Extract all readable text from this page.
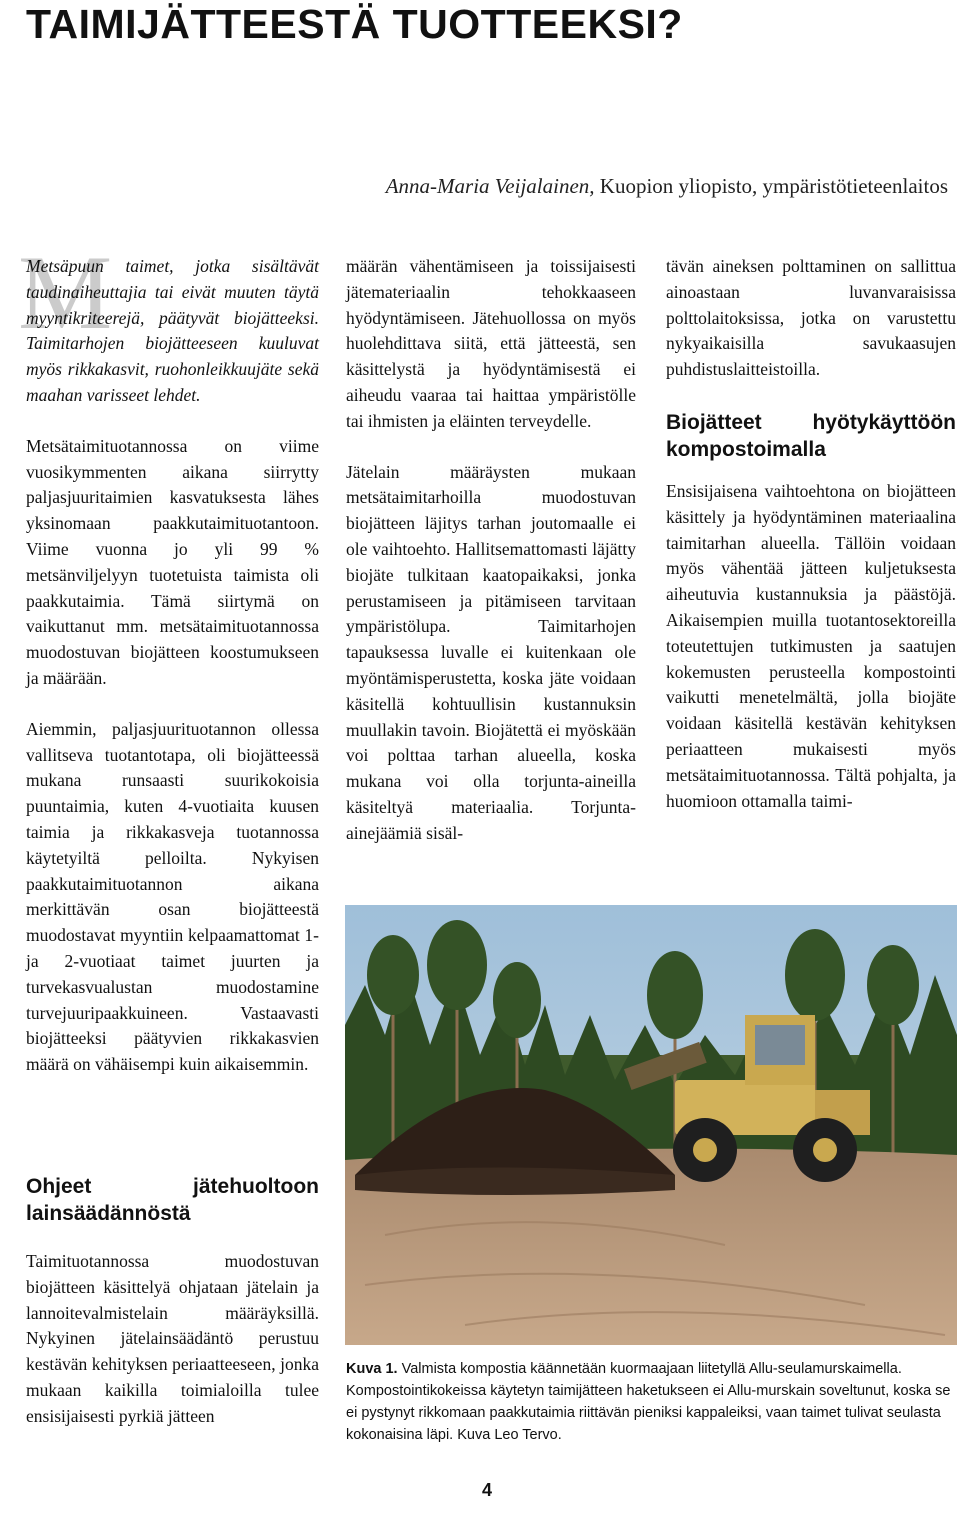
TAIMIJÄTTEESTÄ TUOTTEEKSI?
Anna-Maria Veijalainen, Kuopion yliopisto, ympäristötieteenlaitos

M
Metsäpuun taimet, jotka sisältävät taudinaiheuttajia tai eivät muuten täytä myyntikriteerejä, päätyvät biojätteeksi. Taimitarhojen biojätteeseen kuuluvat myös rikkakasvit, ruohonleikkuujäte sekä maahan varisseet lehdet.

Metsätaimituotannossa on viime vuosikymmenten aikana siirrytty paljasjuuritaimien kasvatuksesta lähes yksinomaan paakkutaimituotantoon. Viime vuonna jo yli 99 % metsänviljelyyn tuotetuista taimista oli paakkutaimia. Tämä siirtymä on vaikuttanut mm. metsätaimituotannossa muodostuvan biojätteen koostumukseen ja määrään.

Aiemmin, paljasjuurituotannon ollessa vallitseva tuotantotapa, oli biojätteessä mukana runsaasti suurikokoisia puuntaimia, kuten 4-vuotiaita kuusen taimia ja rikkakasveja tuotannossa käytetyiltä pelloilta. Nykyisen paakkutaimituotannon aikana merkittävän osan biojätteestä muodostavat myyntiin kelpaamattomat 1- ja 2-vuotiaat taimet juurten ja turvekasvualustan muodostamine turvejuuripaakkuineen. Vastaavasti biojätteeksi päätyvien rikkakasvien määrä on vähäisempi kuin aikaisemmin.

Ohjeet jätehuoltoon lainsäädännöstä

Taimituotannossa muodostuvan biojätteen käsittelyä ohjataan jätelain ja lannoitevalmistelain määräyksillä. Nykyinen jätelainsäädäntö perustuu kestävän kehityksen periaatteeseen, jonka mukaan kaikilla toimialoilla tulee ensisijaisesti pyrkiä jätteen

määrän vähentämiseen ja toissijaisesti jätemateriaalin tehokkaaseen hyödyntämiseen. Jätehuollossa on myös huolehdittava siitä, että jätteestä, sen käsittelystä ja hyödyntämisestä ei aiheudu vaaraa tai haittaa ympäristölle tai ihmisten ja eläinten terveydelle.

Jätelain määräysten mukaan metsätaimitarhoilla muodostuvan biojätteen läjitys tarhan joutomaalle ei ole vaihtoehto. Hallitsemattomasti läjätty biojäte tulkitaan kaatopaikaksi, jonka perustamiseen ja pitämiseen tarvitaan ympäristölupa. Taimitarhojen tapauksessa luvalle ei kuitenkaan ole myöntämisperustetta, koska jäte voidaan käsitellä kohtuullisin kustannuksin muullakin tavoin. Biojätettä ei myöskään voi polttaa tarhan alueella, koska mukana voi olla torjunta-aineilla käsiteltyä materiaalia. Torjunta-ainejäämiä sisäl-

tävän aineksen polttaminen on sallittua ainoastaan luvanvaraisissa polttolaitoksissa, jotka on varustettu nykyaikaisilla savukaasujen puhdistuslaitteistoilla.

Biojätteet hyötykäyttöön kompostoimalla

Ensisijaisena vaihtoehtona on biojätteen käsittely ja hyödyntäminen materiaalina taimitarhan alueella. Tällöin voidaan myös vähentää jätteen kuljetuksesta aiheutuvia kustannuksia ja päästöjä. Aikaisempien muilla tuotantosektoreilla toteutettujen tutkimusten ja saatujen kokemusten perusteella kompostointi vaikutti menetelmältä, jolla biojäte voidaan käsitellä kestävän kehityksen periaatteen mukaisesti myös metsätaimituotannossa. Tältä pohjalta, ja huomioon ottamalla taimi-

Kuva 1. Valmista kompostia käännetään kuormaajaan liitetyllä Allu-seulamurskaimella. Kompostointikokeissa käytetyn taimijätteen haketukseen ei Allu-murskain soveltunut, koska se ei pystynyt rikkomaan paakkutaimia riittävän pieniksi kappaleiksi, vaan taimet tulivat seulasta kokonaisina läpi. Kuva Leo Tervo.
4
